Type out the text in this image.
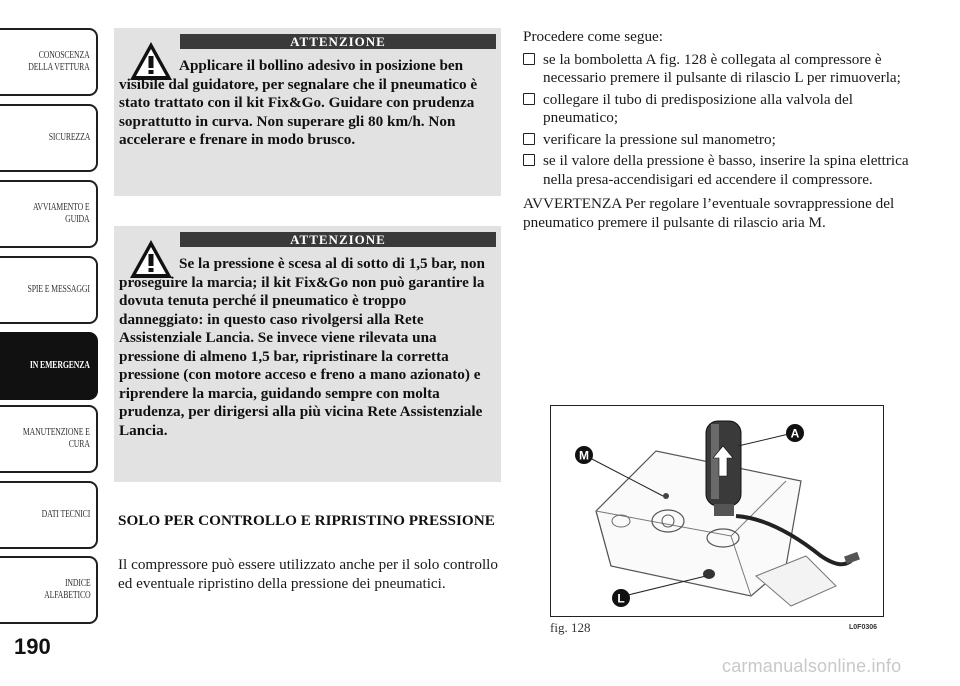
CONOSCENZA
DELLA VETTURA
SICUREZZA
AVVIAMENTO E
GUIDA
SPIE E MESSAGGI
IN EMERGENZA
MANUTENZIONE E
CURA
DATI TECNICI
INDICE
ALFABETICO
190
ATTENZIONE
Applicare il bollino adesivo in posizione ben visibile dal guidatore, per segnalare che il pneumatico è stato trattato con il kit Fix&Go. Guidare con prudenza soprattutto in curva. Non superare gli 80 km/h. Non accelerare e frenare in modo brusco.
ATTENZIONE
Se la pressione è scesa al di sotto di 1,5 bar, non proseguire la marcia; il kit Fix&Go non può garantire la dovuta tenuta perché il pneumatico è troppo danneggiato: in questo caso rivolgersi alla Rete Assistenziale Lancia. Se invece viene rilevata una pressione di almeno 1,5 bar, ripristinare la corretta pressione (con motore acceso e freno a mano azionato) e riprendere la marcia, guidando sempre con molta prudenza, per dirigersi alla più vicina Rete Assistenziale Lancia.
SOLO PER CONTROLLO E RIPRISTINO PRESSIONE
Il compressore può essere utilizzato anche per il solo controllo ed eventuale ripristino della pressione dei pneumatici.

Procedere come segue:

se la bomboletta A fig. 128 è collegata al compressore è necessario premere il pulsante di rilascio L per rimuoverla;
collegare il tubo di predisposizione alla valvola del pneumatico;
verificare la pressione sul manometro;
se il valore della pressione è basso, inserire la spina elettrica nella presa-accendisigari ed accendere il compressore.

AVVERTENZA Per regolare l’eventuale sovrappressione del pneumatico premere il pulsante di rilascio aria M.

A
M
L
fig. 128	L0F0306
carmanualsonline.info
